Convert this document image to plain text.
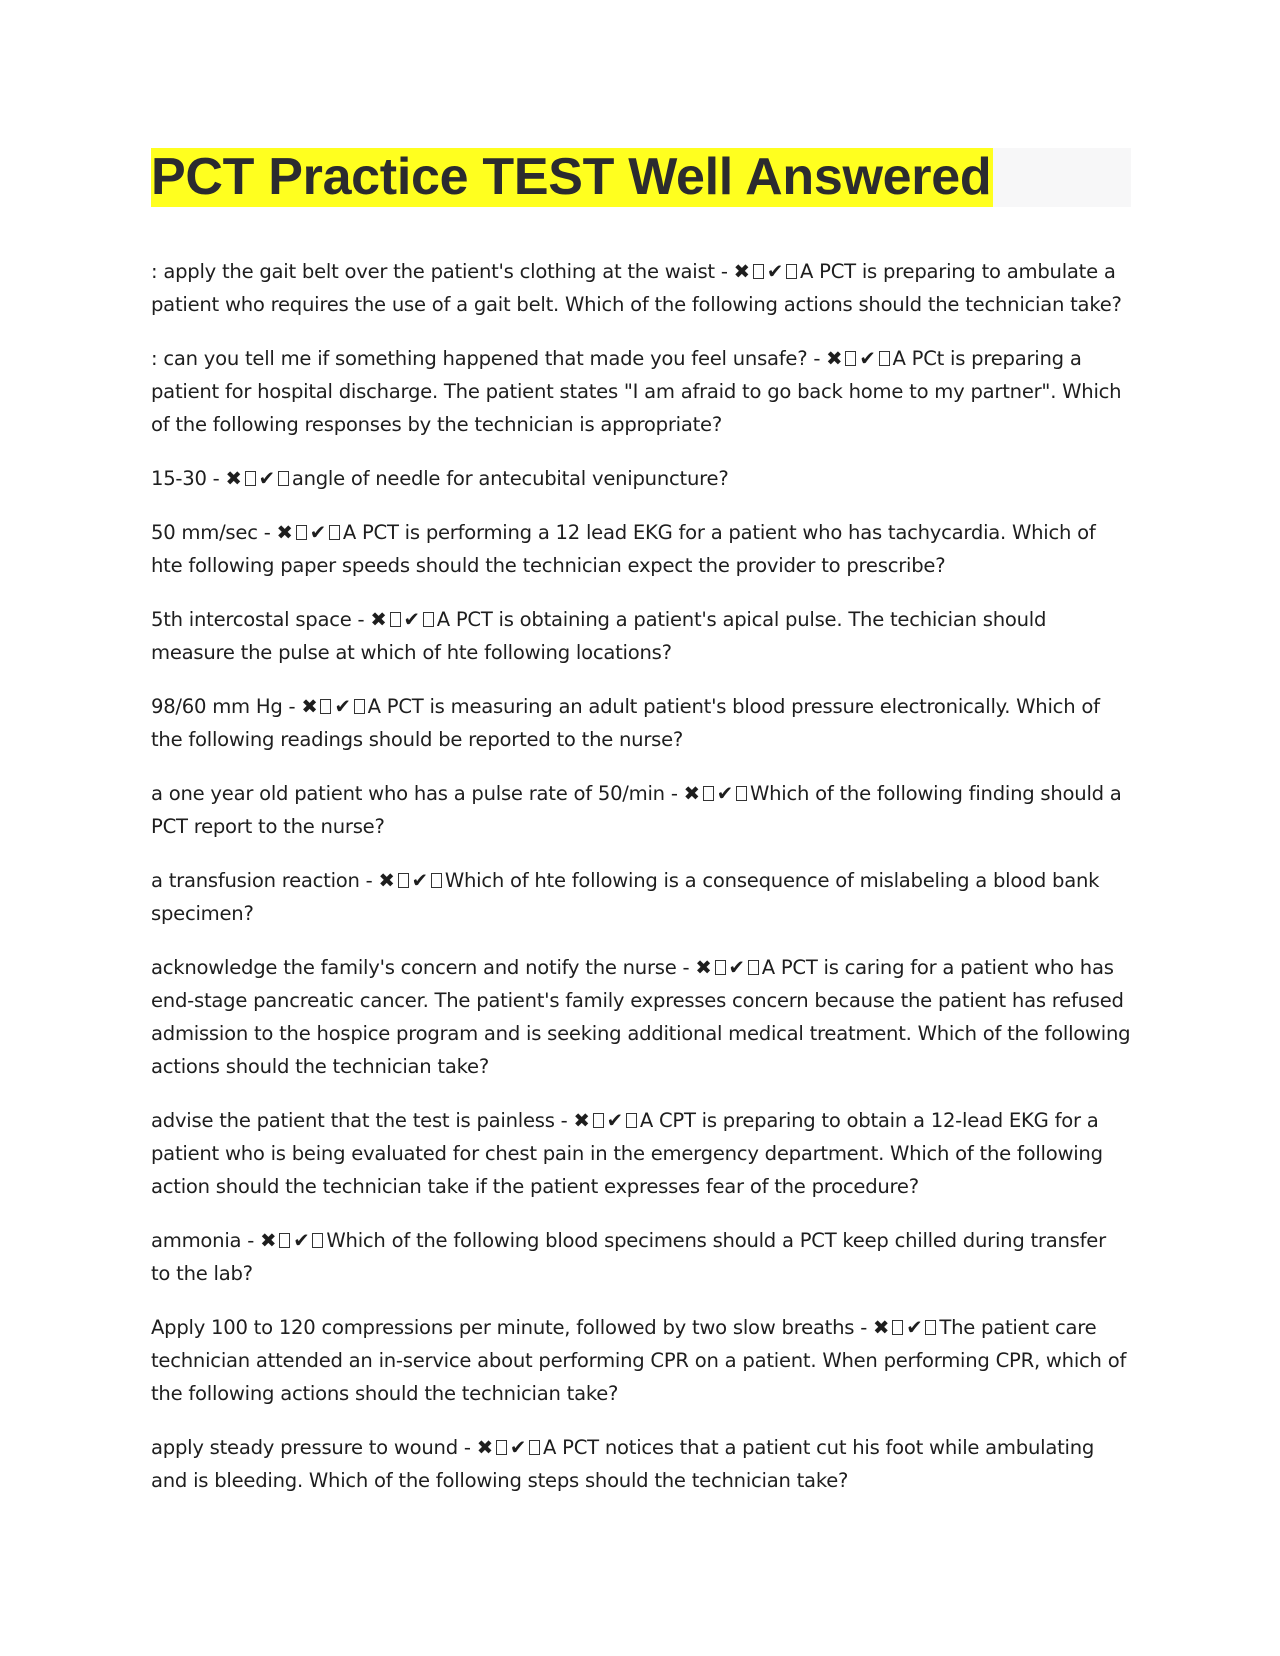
PCT Practice TEST Well Answered
: apply the gait belt over the patient's clothing at the waist - ✖ ✔ A PCT is preparing to ambulate a patient who requires the use of a gait belt. Which of the following actions should the technician take?
: can you tell me if something happened that made you feel unsafe? - ✖ ✔ A PCt is preparing a patient for hospital discharge. The patient states "I am afraid to go back home to my partner". Which of the following responses by the technician is appropriate?
15-30 - ✖ ✔ angle of needle for antecubital venipuncture?
50 mm/sec - ✖ ✔ A PCT is performing a 12 lead EKG for a patient who has tachycardia. Which of hte following paper speeds should the technician expect the provider to prescribe?
5th intercostal space - ✖ ✔ A PCT is obtaining a patient's apical pulse. The techician should measure the pulse at which of hte following locations?
98/60 mm Hg - ✖ ✔ A PCT is measuring an adult patient's blood pressure electronically. Which of the following readings should be reported to the nurse?
a one year old patient who has a pulse rate of 50/min - ✖ ✔ Which of the following finding should a PCT report to the nurse?
a transfusion reaction - ✖ ✔ Which of hte following is a consequence of mislabeling a blood bank specimen?
acknowledge the family's concern and notify the nurse - ✖ ✔ A PCT is caring for a patient who has end-stage pancreatic cancer. The patient's family expresses concern because the patient has refused admission to the hospice program and is seeking additional medical treatment. Which of the following actions should the technician take?
advise the patient that the test is painless - ✖ ✔ A CPT is preparing to obtain a 12-lead EKG for a patient who is being evaluated for chest pain in the emergency department. Which of the following action should the technician take if the patient expresses fear of the procedure?
ammonia - ✖ ✔ Which of the following blood specimens should a PCT keep chilled during transfer to the lab?
Apply 100 to 120 compressions per minute, followed by two slow breaths - ✖ ✔ The patient care technician attended an in-service about performing CPR on a patient. When performing CPR, which of the following actions should the technician take?
apply steady pressure to wound - ✖ ✔ A PCT notices that a patient cut his foot while ambulating and is bleeding. Which of the following steps should the technician take?
